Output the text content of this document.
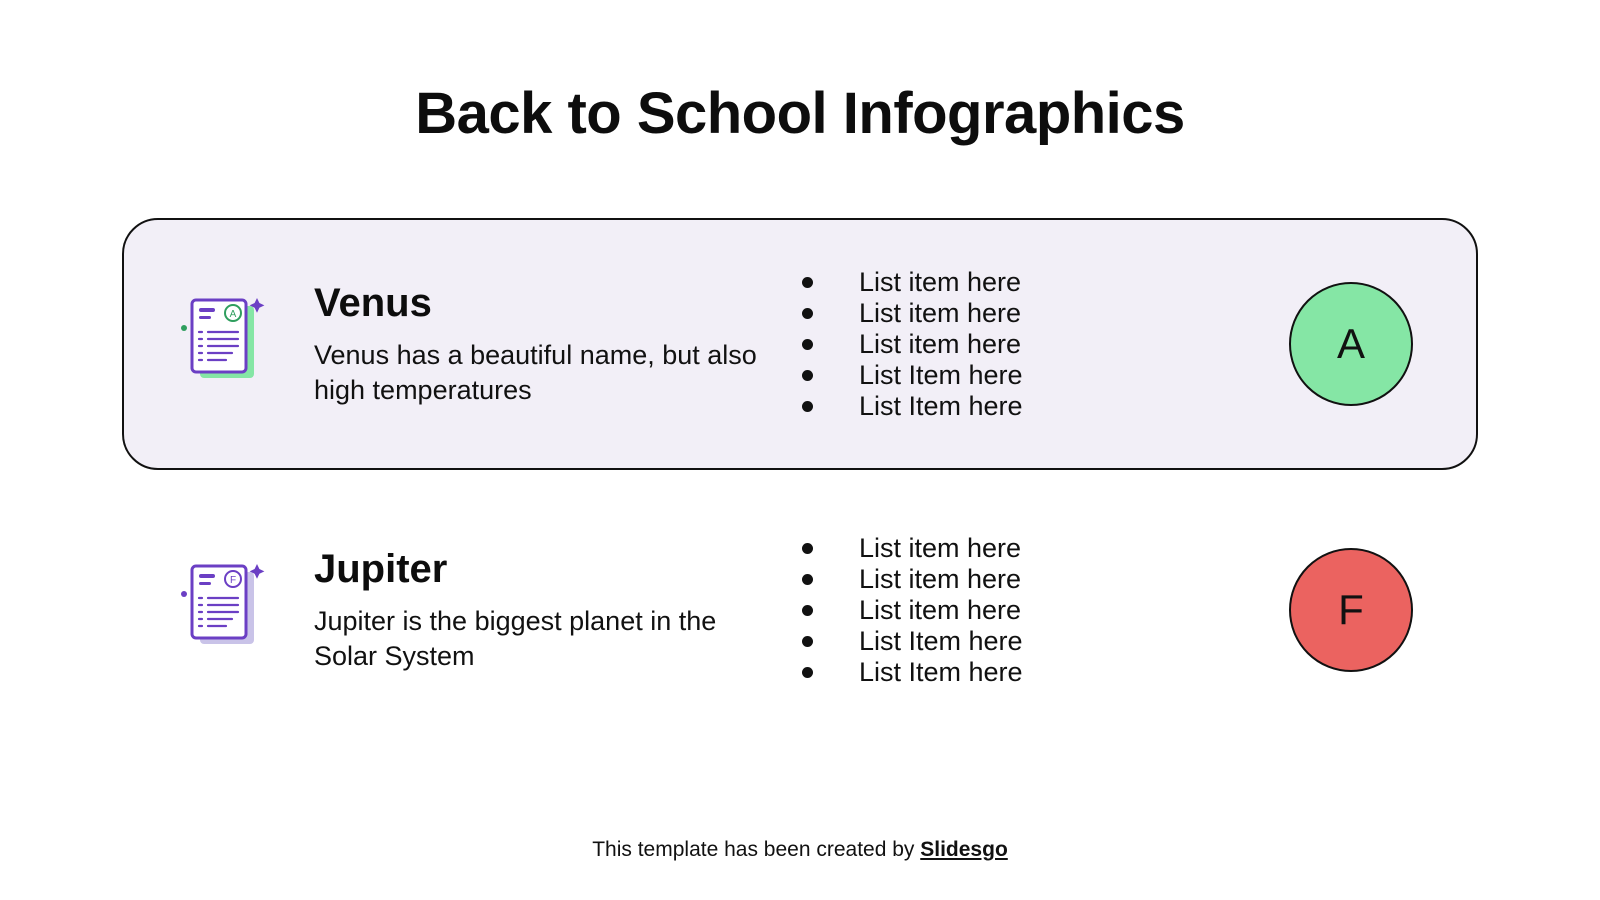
Back to School Infographics
A Venus
Venus has a beautiful name, but also high temperatures
List item here
List item here
List item here
List Item here
List Item here
A
F Jupiter
Jupiter is the biggest planet in the Solar System
List item here
List item here
List item here
List Item here
List Item here
F
This template has been created by Slidesgo
